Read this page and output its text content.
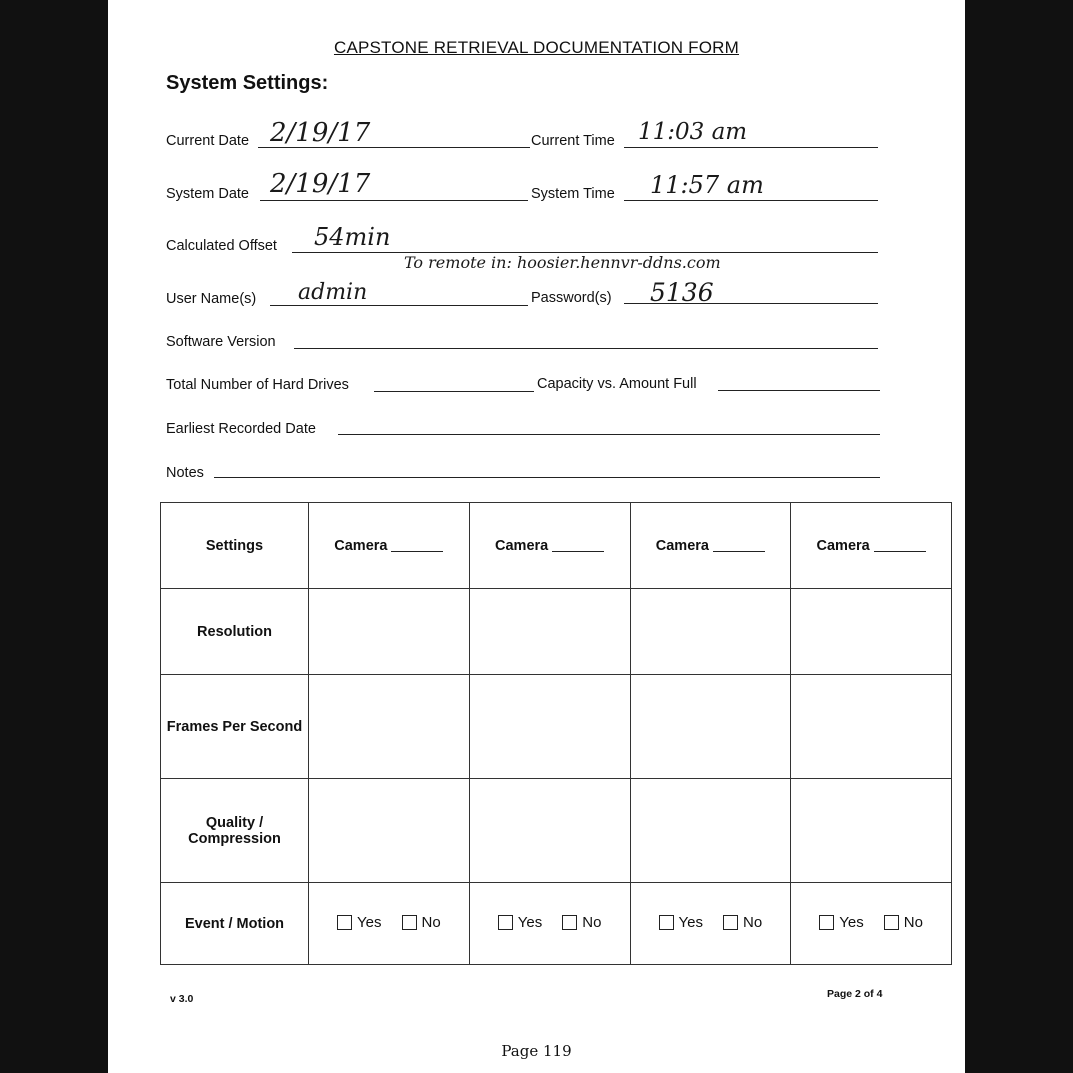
CAPSTONE RETRIEVAL DOCUMENTATION FORM
System Settings:
Current Date 2/19/17	Current Time 11:03 am
System Date 2/19/17	System Time 11:57 am
Calculated Offset 54min
To remote in: hoosier.hennvr-ddns.com
User Name(s) admin	Password(s) 5136
Software Version
Total Number of Hard Drives	Capacity vs. Amount Full
Earliest Recorded Date
Notes
Settings	Camera	Camera	Camera	Camera
Resolution				
Frames Per Second				
Quality / Compression				
Event / Motion	Yes No	Yes No	Yes No	Yes No
v 3.0	Page 2 of 4
Page 119
